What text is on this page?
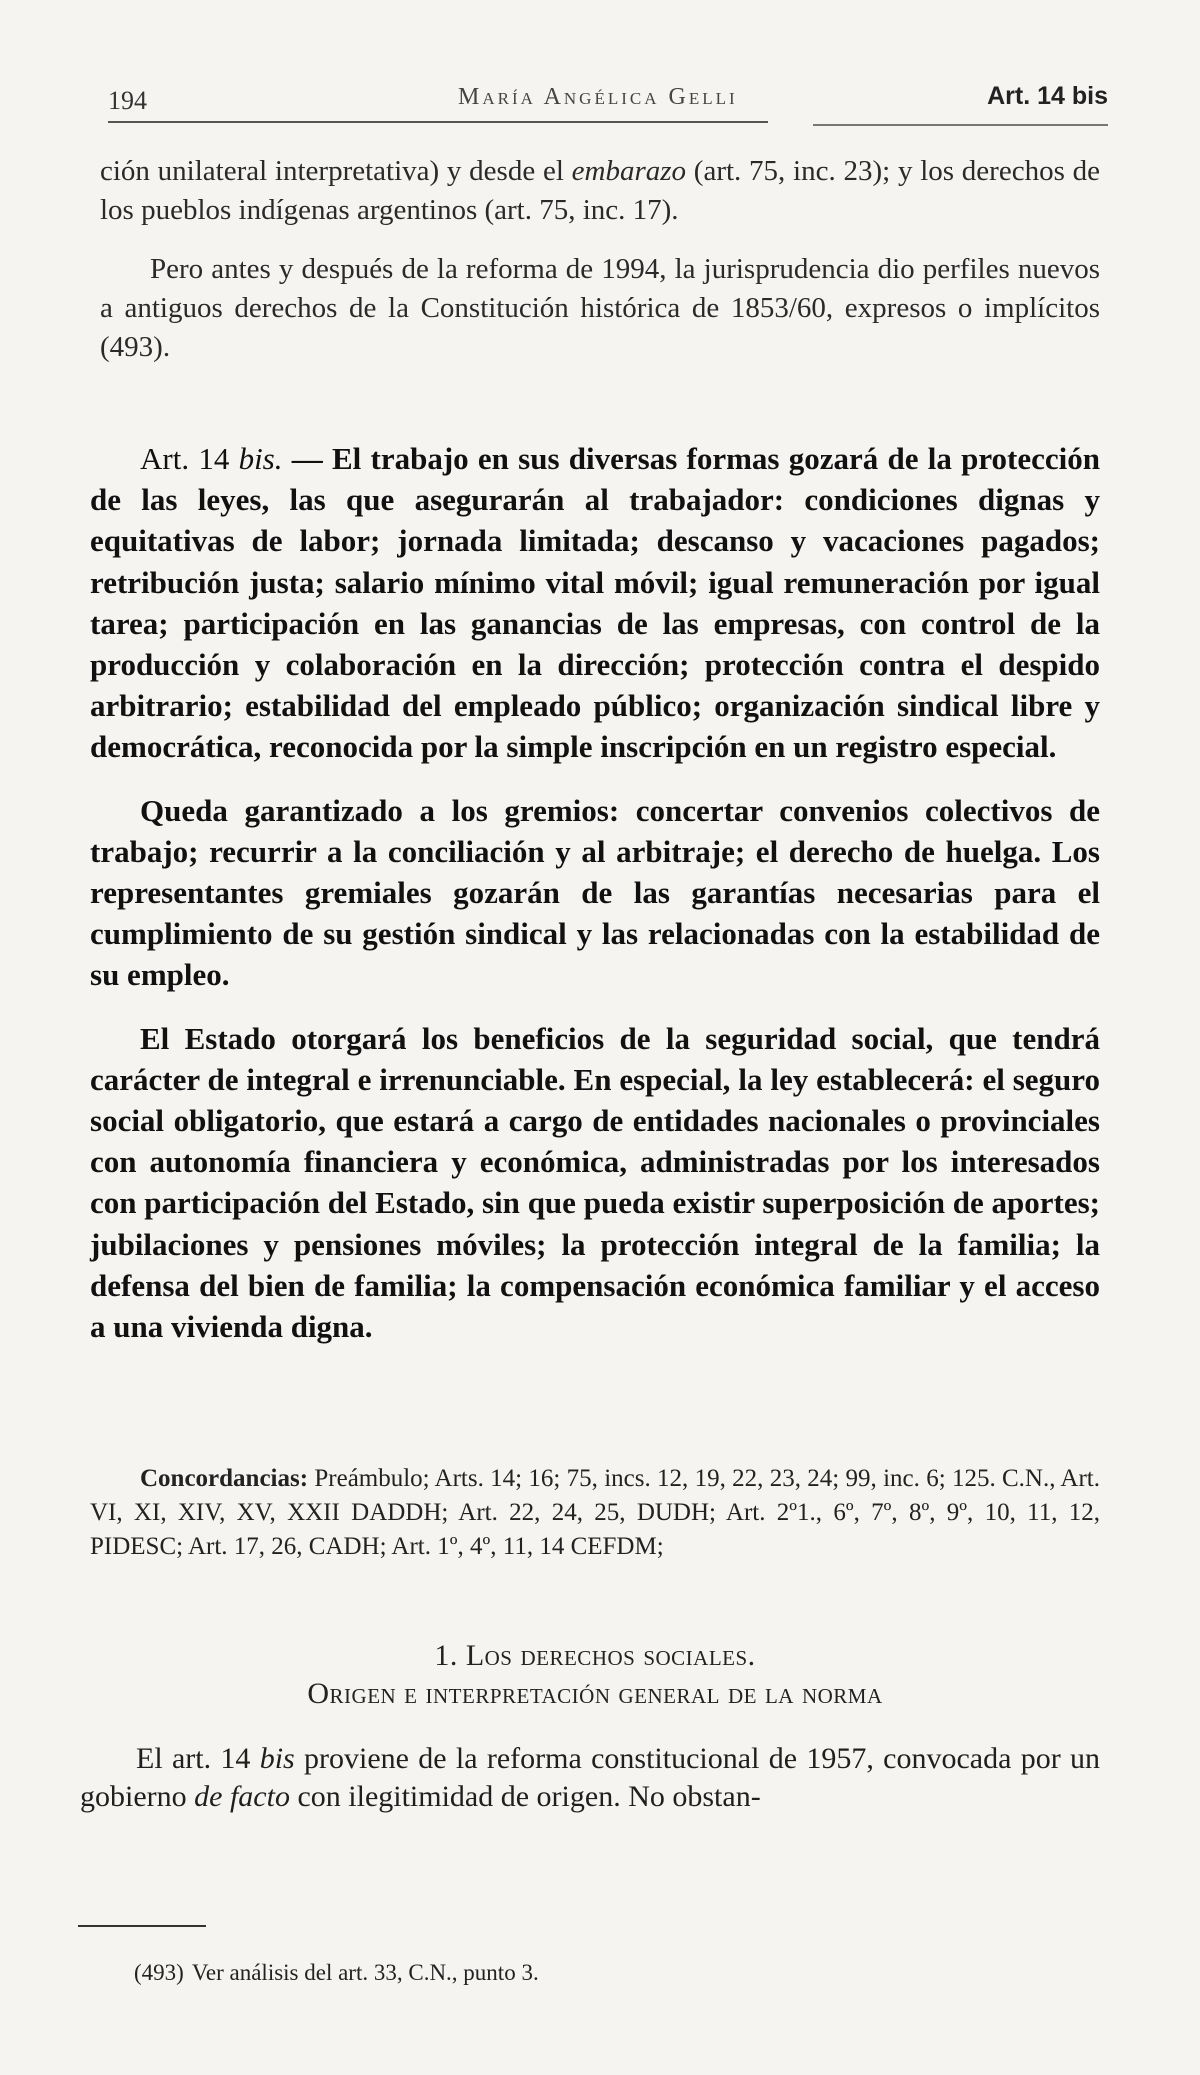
194	María Angélica Gelli	Art. 14 bis

ción unilateral interpretativa) y desde el embarazo (art. 75, inc. 23); y los derechos de los pueblos indígenas argentinos (art. 75, inc. 17).

Pero antes y después de la reforma de 1994, la jurisprudencia dio perfiles nuevos a antiguos derechos de la Constitución histórica de 1853/60, expresos o implícitos (493).

Art. 14 bis. — El trabajo en sus diversas formas gozará de la protección de las leyes, las que asegurarán al trabajador: condiciones dignas y equitativas de labor; jornada limitada; descanso y vacaciones pagados; retribución justa; salario mínimo vital móvil; igual remuneración por igual tarea; participación en las ganancias de las empresas, con control de la producción y colaboración en la dirección; protección contra el despido arbitrario; estabilidad del empleado público; organización sindical libre y democrática, reconocida por la simple inscripción en un registro especial.

Queda garantizado a los gremios: concertar convenios colectivos de trabajo; recurrir a la conciliación y al arbitraje; el derecho de huelga. Los representantes gremiales gozarán de las garantías necesarias para el cumplimiento de su gestión sindical y las relacionadas con la estabilidad de su empleo.

El Estado otorgará los beneficios de la seguridad social, que tendrá carácter de integral e irrenunciable. En especial, la ley establecerá: el seguro social obligatorio, que estará a cargo de entidades nacionales o provinciales con autonomía financiera y económica, administradas por los interesados con participación del Estado, sin que pueda existir superposición de aportes; jubilaciones y pensiones móviles; la protección integral de la familia; la defensa del bien de familia; la compensación económica familiar y el acceso a una vivienda digna.

Concordancias: Preámbulo; Arts. 14; 16; 75, incs. 12, 19, 22, 23, 24; 99, inc. 6; 125. C.N., Art. VI, XI, XIV, XV, XXII DADDH; Art. 22, 24, 25, DUDH; Art. 2º1., 6º, 7º, 8º, 9º, 10, 11, 12, PIDESC; Art. 17, 26, CADH; Art. 1º, 4º, 11, 14 CEFDM;

1. Los derechos sociales.
Origen e interpretación general de la norma

El art. 14 bis proviene de la reforma constitucional de 1957, convocada por un gobierno de facto con ilegitimidad de origen. No obstan-

(493) Ver análisis del art. 33, C.N., punto 3.
